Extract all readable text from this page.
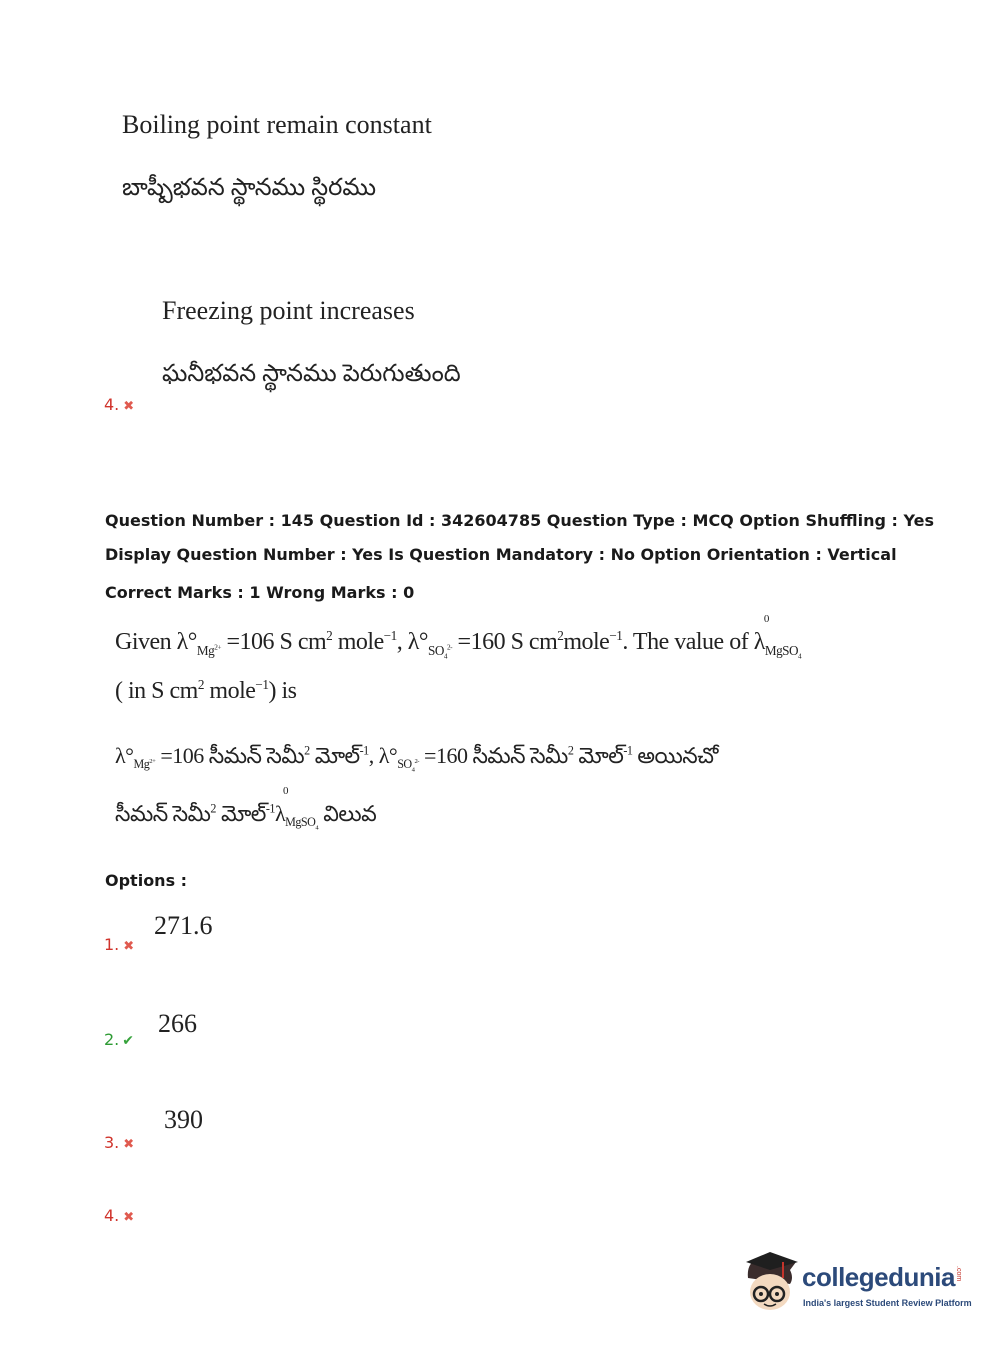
Boiling point remain constant
బాష్పీభవన స్థానము స్థిరము
Freezing point increases
ఘనీభవన స్థానము పెరుగుతుంది
4. ✖
Question Number : 145 Question Id : 342604785 Question Type : MCQ Option Shuffling : Yes
Display Question Number : Yes Is Question Mandatory : No Option Orientation : Vertical
Correct Marks : 1 Wrong Marks : 0
Given $\lambda^\circ_{Mg^{2+}} =106$ S $cm^2$ mole$^{-1}$, $\lambda^\circ_{SO_4^{2-}} =160$ S $cm^2mole^{-1}$. The value of λ
0
$_{MgSO_4}$
( in S $cm^2$ mole$^{-1}$) is
$\lambda^\circ_{Mg^{2+}} =106$ సీమన్ సెమీ$^2$ మోల్$^{-1}$, $\lambda^\circ_{SO_4^{2-}} =160$ సీమన్ సెమీ$^2$ మోల్$^{-1}$ అయినచో
సీమన్ సెమీ$^2$ మోల్$^{-1}$λ
0
$_{MgSO_4}$ విలువ
Options :
271.6
1. ✖
266
2. ✔
390
3. ✖
4. ✖
collegedunia .com
India's largest Student Review Platform
